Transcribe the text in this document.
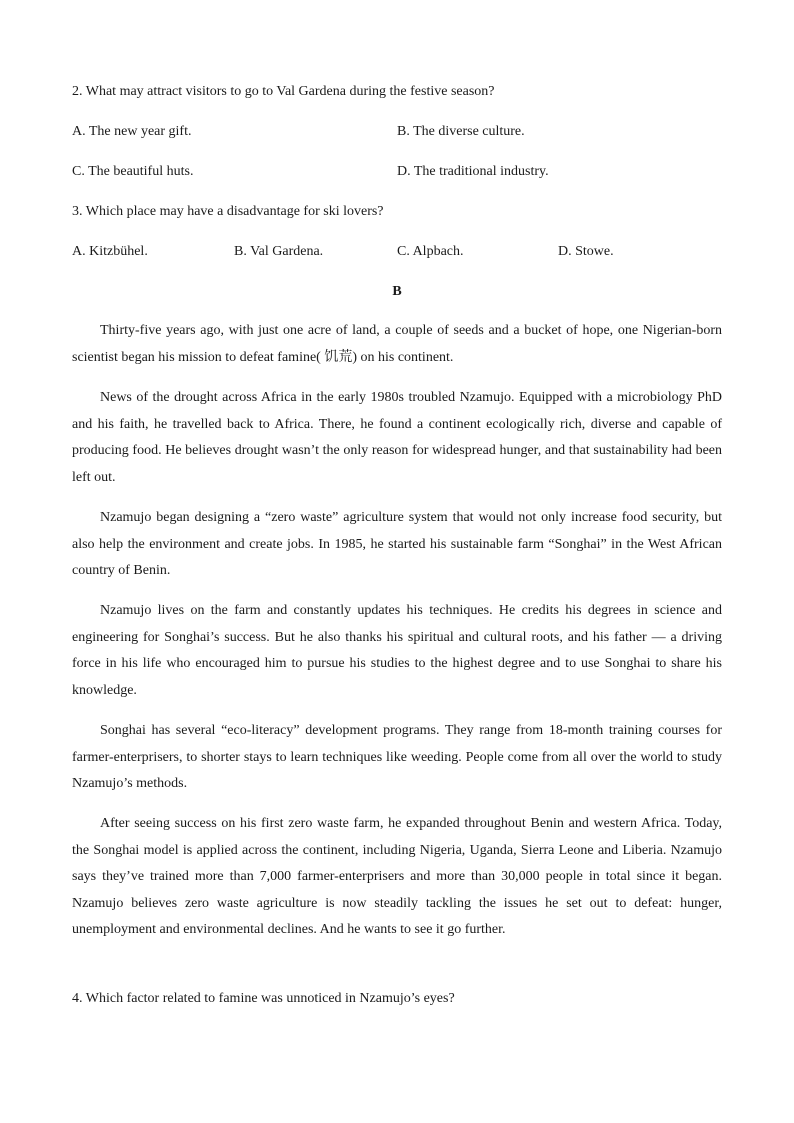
2. What may attract visitors to go to Val Gardena during the festive season?

A. The new year gift.	B. The diverse culture.

C. The beautiful huts.	D. The traditional industry.

3. Which place may have a disadvantage for ski lovers?

A. Kitzbühel.	B. Val Gardena.	C. Alpbach.	D. Stowe.

B

Thirty-five years ago, with just one acre of land, a couple of seeds and a bucket of hope, one Nigerian-born scientist began his mission to defeat famine( 饥荒) on his continent.

News of the drought across Africa in the early 1980s troubled Nzamujo. Equipped with a microbiology PhD and his faith, he travelled back to Africa. There, he found a continent ecologically rich, diverse and capable of producing food. He believes drought wasn’t the only reason for widespread hunger, and that sustainability had been left out.

Nzamujo began designing a “zero waste” agriculture system that would not only increase food security, but also help the environment and create jobs. In 1985, he started his sustainable farm “Songhai” in the West African country of Benin.

Nzamujo lives on the farm and constantly updates his techniques. He credits his degrees in science and engineering for Songhai’s success. But he also thanks his spiritual and cultural roots, and his father — a driving force in his life who encouraged him to pursue his studies to the highest degree and to use Songhai to share his knowledge.

Songhai has several “eco-literacy” development programs. They range from 18-month training courses for farmer-enterprisers, to shorter stays to learn techniques like weeding. People come from all over the world to study Nzamujo’s methods.

After seeing success on his first zero waste farm, he expanded throughout Benin and western Africa. Today, the Songhai model is applied across the continent, including Nigeria, Uganda, Sierra Leone and Liberia. Nzamujo says they’ve trained more than 7,000 farmer-enterprisers and more than 30,000 people in total since it began. Nzamujo believes zero waste agriculture is now steadily tackling the issues he set out to defeat: hunger, unemployment and environmental declines. And he wants to see it go further.

4. Which factor related to famine was unnoticed in Nzamujo’s eyes?
